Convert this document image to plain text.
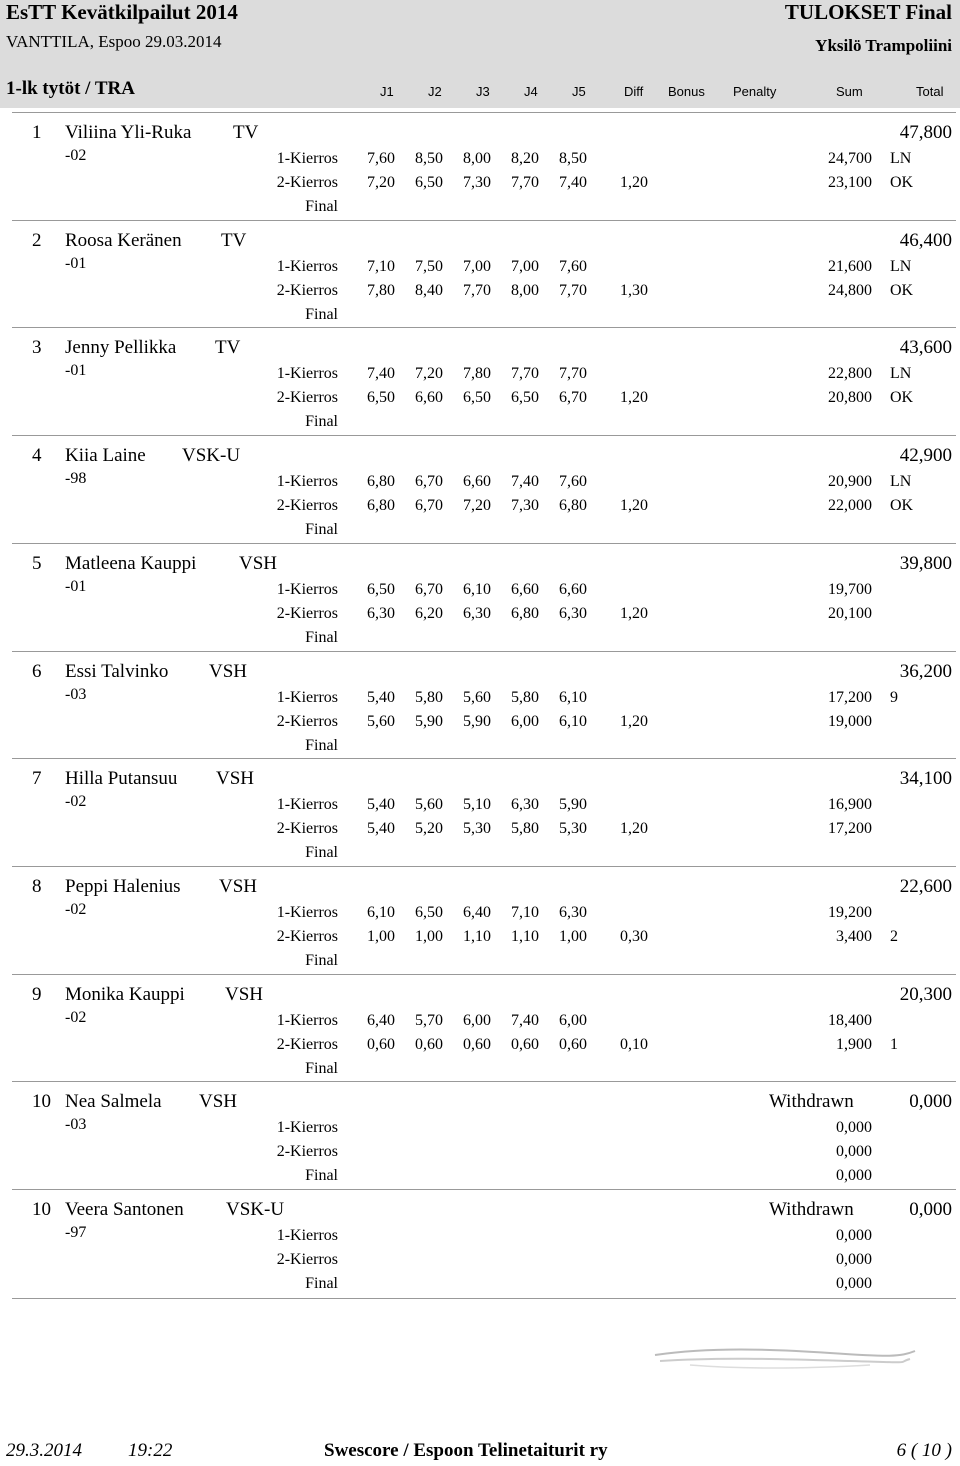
EsTT Kevätkilpailut 2014
VANTTILA, Espoo 29.03.2014
TULOKSET Final
Yksilö Trampoliini
1-lk tytöt / TRA	J1	J2	J3	J4	J5	Diff Bonus Penalty	Sum	Total
1 Viliina Yli-Ruka TV	47,800
-02	1-Kierros 7,60 8,50 8,00 8,20 8,50	24,700 LN
2-Kierros 7,20 6,50 7,30 7,70 7,40 1,20	23,100 OK
Final
2 Roosa Keränen TV	46,400
-01	1-Kierros 7,10 7,50 7,00 7,00 7,60	21,600 LN
2-Kierros 7,80 8,40 7,70 8,00 7,70 1,30	24,800 OK
Final
3 Jenny Pellikka TV	43,600
-01	1-Kierros 7,40 7,20 7,80 7,70 7,70	22,800 LN
2-Kierros 6,50 6,60 6,50 6,50 6,70 1,20	20,800 OK
Final
4 Kiia Laine VSK-U	42,900
-98	1-Kierros 6,80 6,70 6,60 7,40 7,60	20,900 LN
2-Kierros 6,80 6,70 7,20 7,30 6,80 1,20	22,000 OK
Final
5 Matleena Kauppi VSH	39,800
-01	1-Kierros 6,50 6,70 6,10 6,60 6,60	19,700
2-Kierros 6,30 6,20 6,30 6,80 6,30 1,20	20,100
Final
6 Essi Talvinko VSH	36,200
-03	1-Kierros 5,40 5,80 5,60 5,80 6,10	17,200 9
2-Kierros 5,60 5,90 5,90 6,00 6,10 1,20	19,000
Final
7 Hilla Putansuu VSH	34,100
-02	1-Kierros 5,40 5,60 5,10 6,30 5,90	16,900
2-Kierros 5,40 5,20 5,30 5,80 5,30 1,20	17,200
Final
8 Peppi Halenius VSH	22,600
-02	1-Kierros 6,10 6,50 6,40 7,10 6,30	19,200
2-Kierros 1,00 1,00 1,10 1,10 1,00 0,30	3,400 2
Final
9 Monika Kauppi VSH	20,300
-02	1-Kierros 6,40 5,70 6,00 7,40 6,00	18,400
2-Kierros 0,60 0,60 0,60 0,60 0,60 0,10	1,900 1
Final
10 Nea Salmela VSH	Withdrawn	0,000
-03	1-Kierros	0,000
2-Kierros	0,000
Final	0,000
10 Veera Santonen VSK-U	Withdrawn	0,000
-97	1-Kierros	0,000
2-Kierros	0,000
Final	0,000
29.3.2014 19:22	Swescore / Espoon Telinetaiturit ry	6 ( 10 )
